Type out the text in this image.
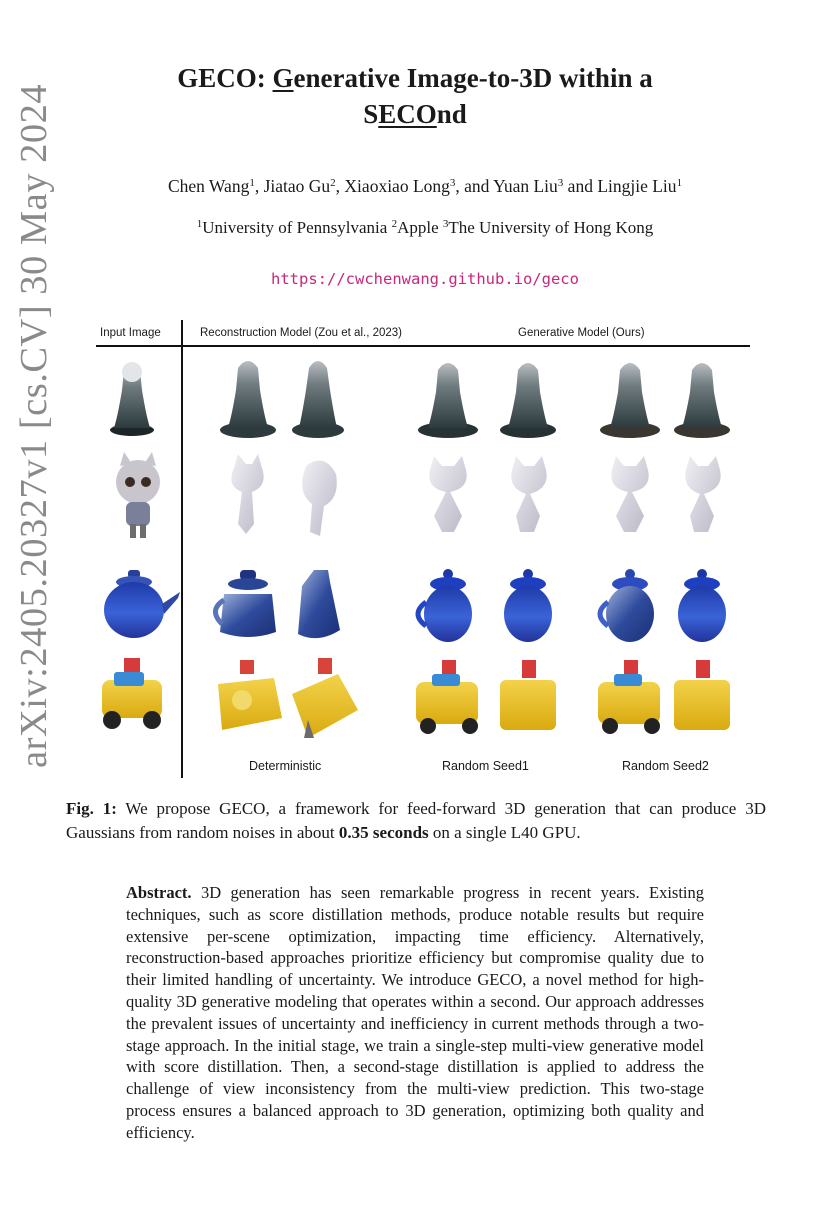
arXiv:2405.20327v1 [cs.CV] 30 May 2024
GECO: Generative Image-to-3D within a
SECOnd
Chen Wang$^1$, Jiatao Gu$^2$, Xiaoxiao Long$^3$, and Yuan Liu$^3$ and Lingjie Liu$^1$
$^1$University of Pennsylvania $^2$Apple $^3$The University of Hong Kong
https://cwchenwang.github.io/geco
Input Image	Reconstruction Model (Zou et al., 2023)	Generative Model (Ours)
Deterministic	Random Seed1	Random Seed2
Fig. 1: We propose GECO, a framework for feed-forward 3D generation that can produce 3D Gaussians from random noises in about 0.35 seconds on a single L40 GPU.
Abstract. 3D generation has seen remarkable progress in recent years. Existing techniques, such as score distillation methods, produce notable results but require extensive per-scene optimization, impacting time efficiency. Alternatively, reconstruction-based approaches prioritize efficiency but compromise quality due to their limited handling of uncertainty. We introduce GECO, a novel method for high-quality 3D generative modeling that operates within a second. Our approach addresses the prevalent issues of uncertainty and inefficiency in current methods through a two-stage approach. In the initial stage, we train a single-step multi-view generative model with score distillation. Then, a second-stage distillation is applied to address the challenge of view inconsistency from the multi-view prediction. This two-stage process ensures a balanced approach to 3D generation, optimizing both quality and efficiency.
